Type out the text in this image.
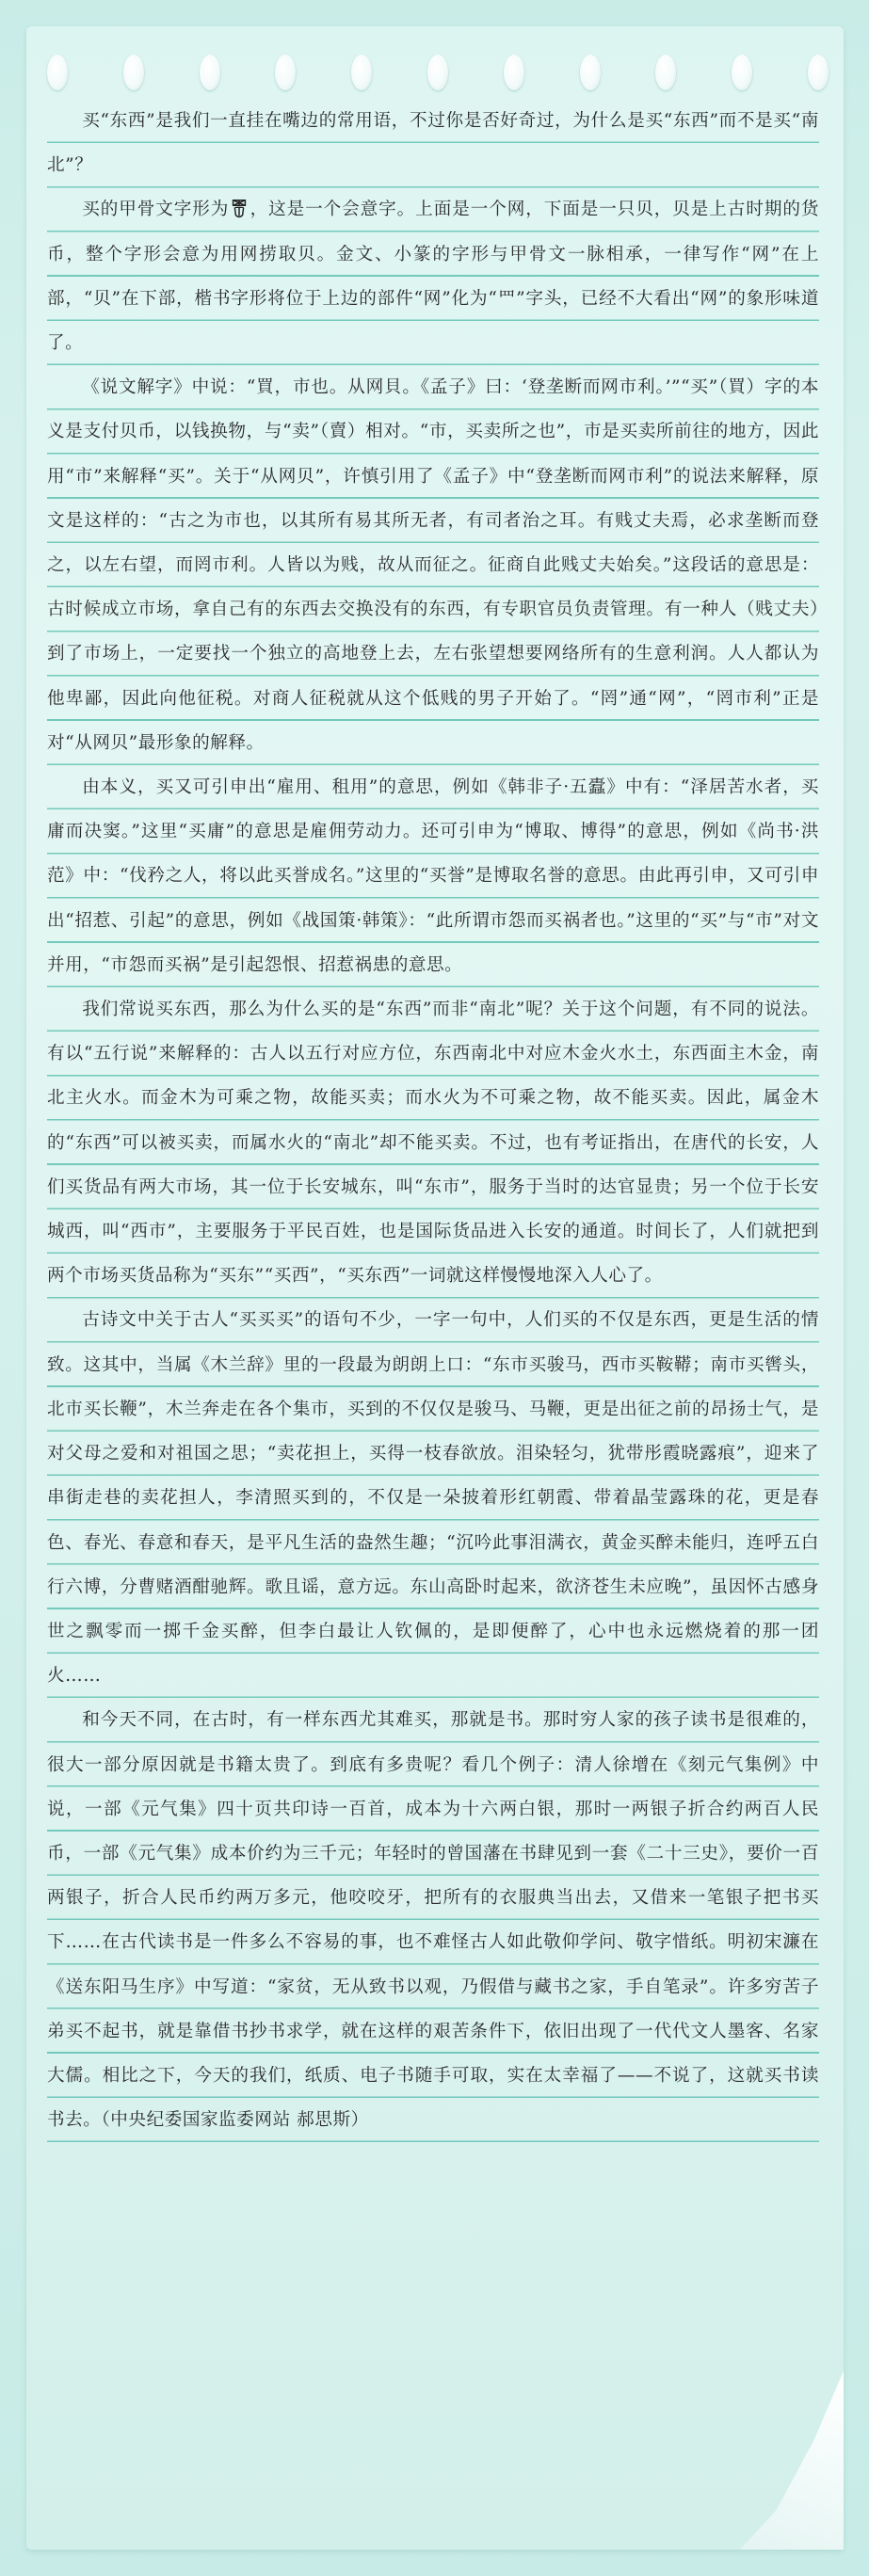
买“东西”是我们一直挂在嘴边的常用语，不过你是否好奇过，为什么是买“东西”而不是买“南北”？

买的甲骨文字形为 ，这是一个会意字。上面是一个网，下面是一只贝，贝是上古时期的货币，整个字形会意为用网捞取贝。金文、小篆的字形与甲骨文一脉相承，一律写作“网”在上部，“贝”在下部，楷书字形将位于上边的部件“网”化为“罒”字头，已经不大看出“网”的象形味道了。

《说文解字》中说：“買，市也。从网貝。《孟子》曰：‘登垄断而网市利。’”“买”（買）字的本义是支付贝币，以钱换物，与“卖”（賣）相对。“市，买卖所之也”，市是买卖所前往的地方，因此用“市”来解释“买”。关于“从网贝”，许慎引用了《孟子》中“登垄断而网市利”的说法来解释，原文是这样的：“古之为市也，以其所有易其所无者，有司者治之耳。有贱丈夫焉，必求垄断而登之，以左右望，而罔市利。人皆以为贱，故从而征之。征商自此贱丈夫始矣。”这段话的意思是：古时候成立市场，拿自己有的东西去交换没有的东西，有专职官员负责管理。有一种人（贱丈夫）到了市场上，一定要找一个独立的高地登上去，左右张望想要网络所有的生意利润。人人都认为他卑鄙，因此向他征税。对商人征税就从这个低贱的男子开始了。“罔”通“网”，“罔市利”正是对“从网贝”最形象的解释。

由本义，买又可引申出“雇用、租用”的意思，例如《韩非子·五蠹》中有：“泽居苦水者，买庸而决窦。”这里“买庸”的意思是雇佣劳动力。还可引申为“博取、博得”的意思，例如《尚书·洪范》中：“伐矜之人，将以此买誉成名。”这里的“买誉”是博取名誉的意思。由此再引申，又可引申出“招惹、引起”的意思，例如《战国策·韩策》：“此所谓市怨而买祸者也。”这里的“买”与“市”对文并用，“市怨而买祸”是引起怨恨、招惹祸患的意思。

我们常说买东西，那么为什么买的是“东西”而非“南北”呢？关于这个问题，有不同的说法。有以“五行说”来解释的：古人以五行对应方位，东西南北中对应木金火水土，东西面主木金，南北主火水。而金木为可乘之物，故能买卖；而水火为不可乘之物，故不能买卖。因此，属金木的“东西”可以被买卖，而属水火的“南北”却不能买卖。不过，也有考证指出，在唐代的长安，人们买货品有两大市场，其一位于长安城东，叫“东市”，服务于当时的达官显贵；另一个位于长安城西，叫“西市”，主要服务于平民百姓，也是国际货品进入长安的通道。时间长了，人们就把到两个市场买货品称为“买东”“买西”，“买东西”一词就这样慢慢地深入人心了。

古诗文中关于古人“买买买”的语句不少，一字一句中，人们买的不仅是东西，更是生活的情致。这其中，当属《木兰辞》里的一段最为朗朗上口：“东市买骏马，西市买鞍鞯；南市买辔头，北市买长鞭”，木兰奔走在各个集市，买到的不仅仅是骏马、马鞭，更是出征之前的昂扬士气，是对父母之爱和对祖国之思；“卖花担上，买得一枝春欲放。泪染轻匀，犹带彤霞晓露痕”，迎来了串街走巷的卖花担人，李清照买到的，不仅是一朵披着形红朝霞、带着晶莹露珠的花，更是春色、春光、春意和春天，是平凡生活的盎然生趣；“沉吟此事泪满衣，黄金买醉未能归，连呼五白行六博，分曹赌酒酣驰辉。歌且谣，意方远。东山高卧时起来，欲济苍生未应晚”，虽因怀古感身世之飘零而一掷千金买醉，但李白最让人钦佩的，是即便醉了，心中也永远燃烧着的那一团火……

和今天不同，在古时，有一样东西尤其难买，那就是书。那时穷人家的孩子读书是很难的，很大一部分原因就是书籍太贵了。到底有多贵呢？看几个例子：清人徐增在《刻元气集例》中说，一部《元气集》四十页共印诗一百首，成本为十六两白银，那时一两银子折合约两百人民币，一部《元气集》成本价约为三千元；年轻时的曾国藩在书肆见到一套《二十三史》，要价一百两银子，折合人民币约两万多元，他咬咬牙，把所有的衣服典当出去，又借来一笔银子把书买下……在古代读书是一件多么不容易的事，也不难怪古人如此敬仰学问、敬字惜纸。明初宋濂在《送东阳马生序》中写道：“家贫，无从致书以观，乃假借与藏书之家，手自笔录”。许多穷苦子弟买不起书，就是靠借书抄书求学，就在这样的艰苦条件下，依旧出现了一代代文人墨客、名家大儒。相比之下，今天的我们，纸质、电子书随手可取，实在太幸福了——不说了，这就买书读书去。（中央纪委国家监委网站 郝思斯）
